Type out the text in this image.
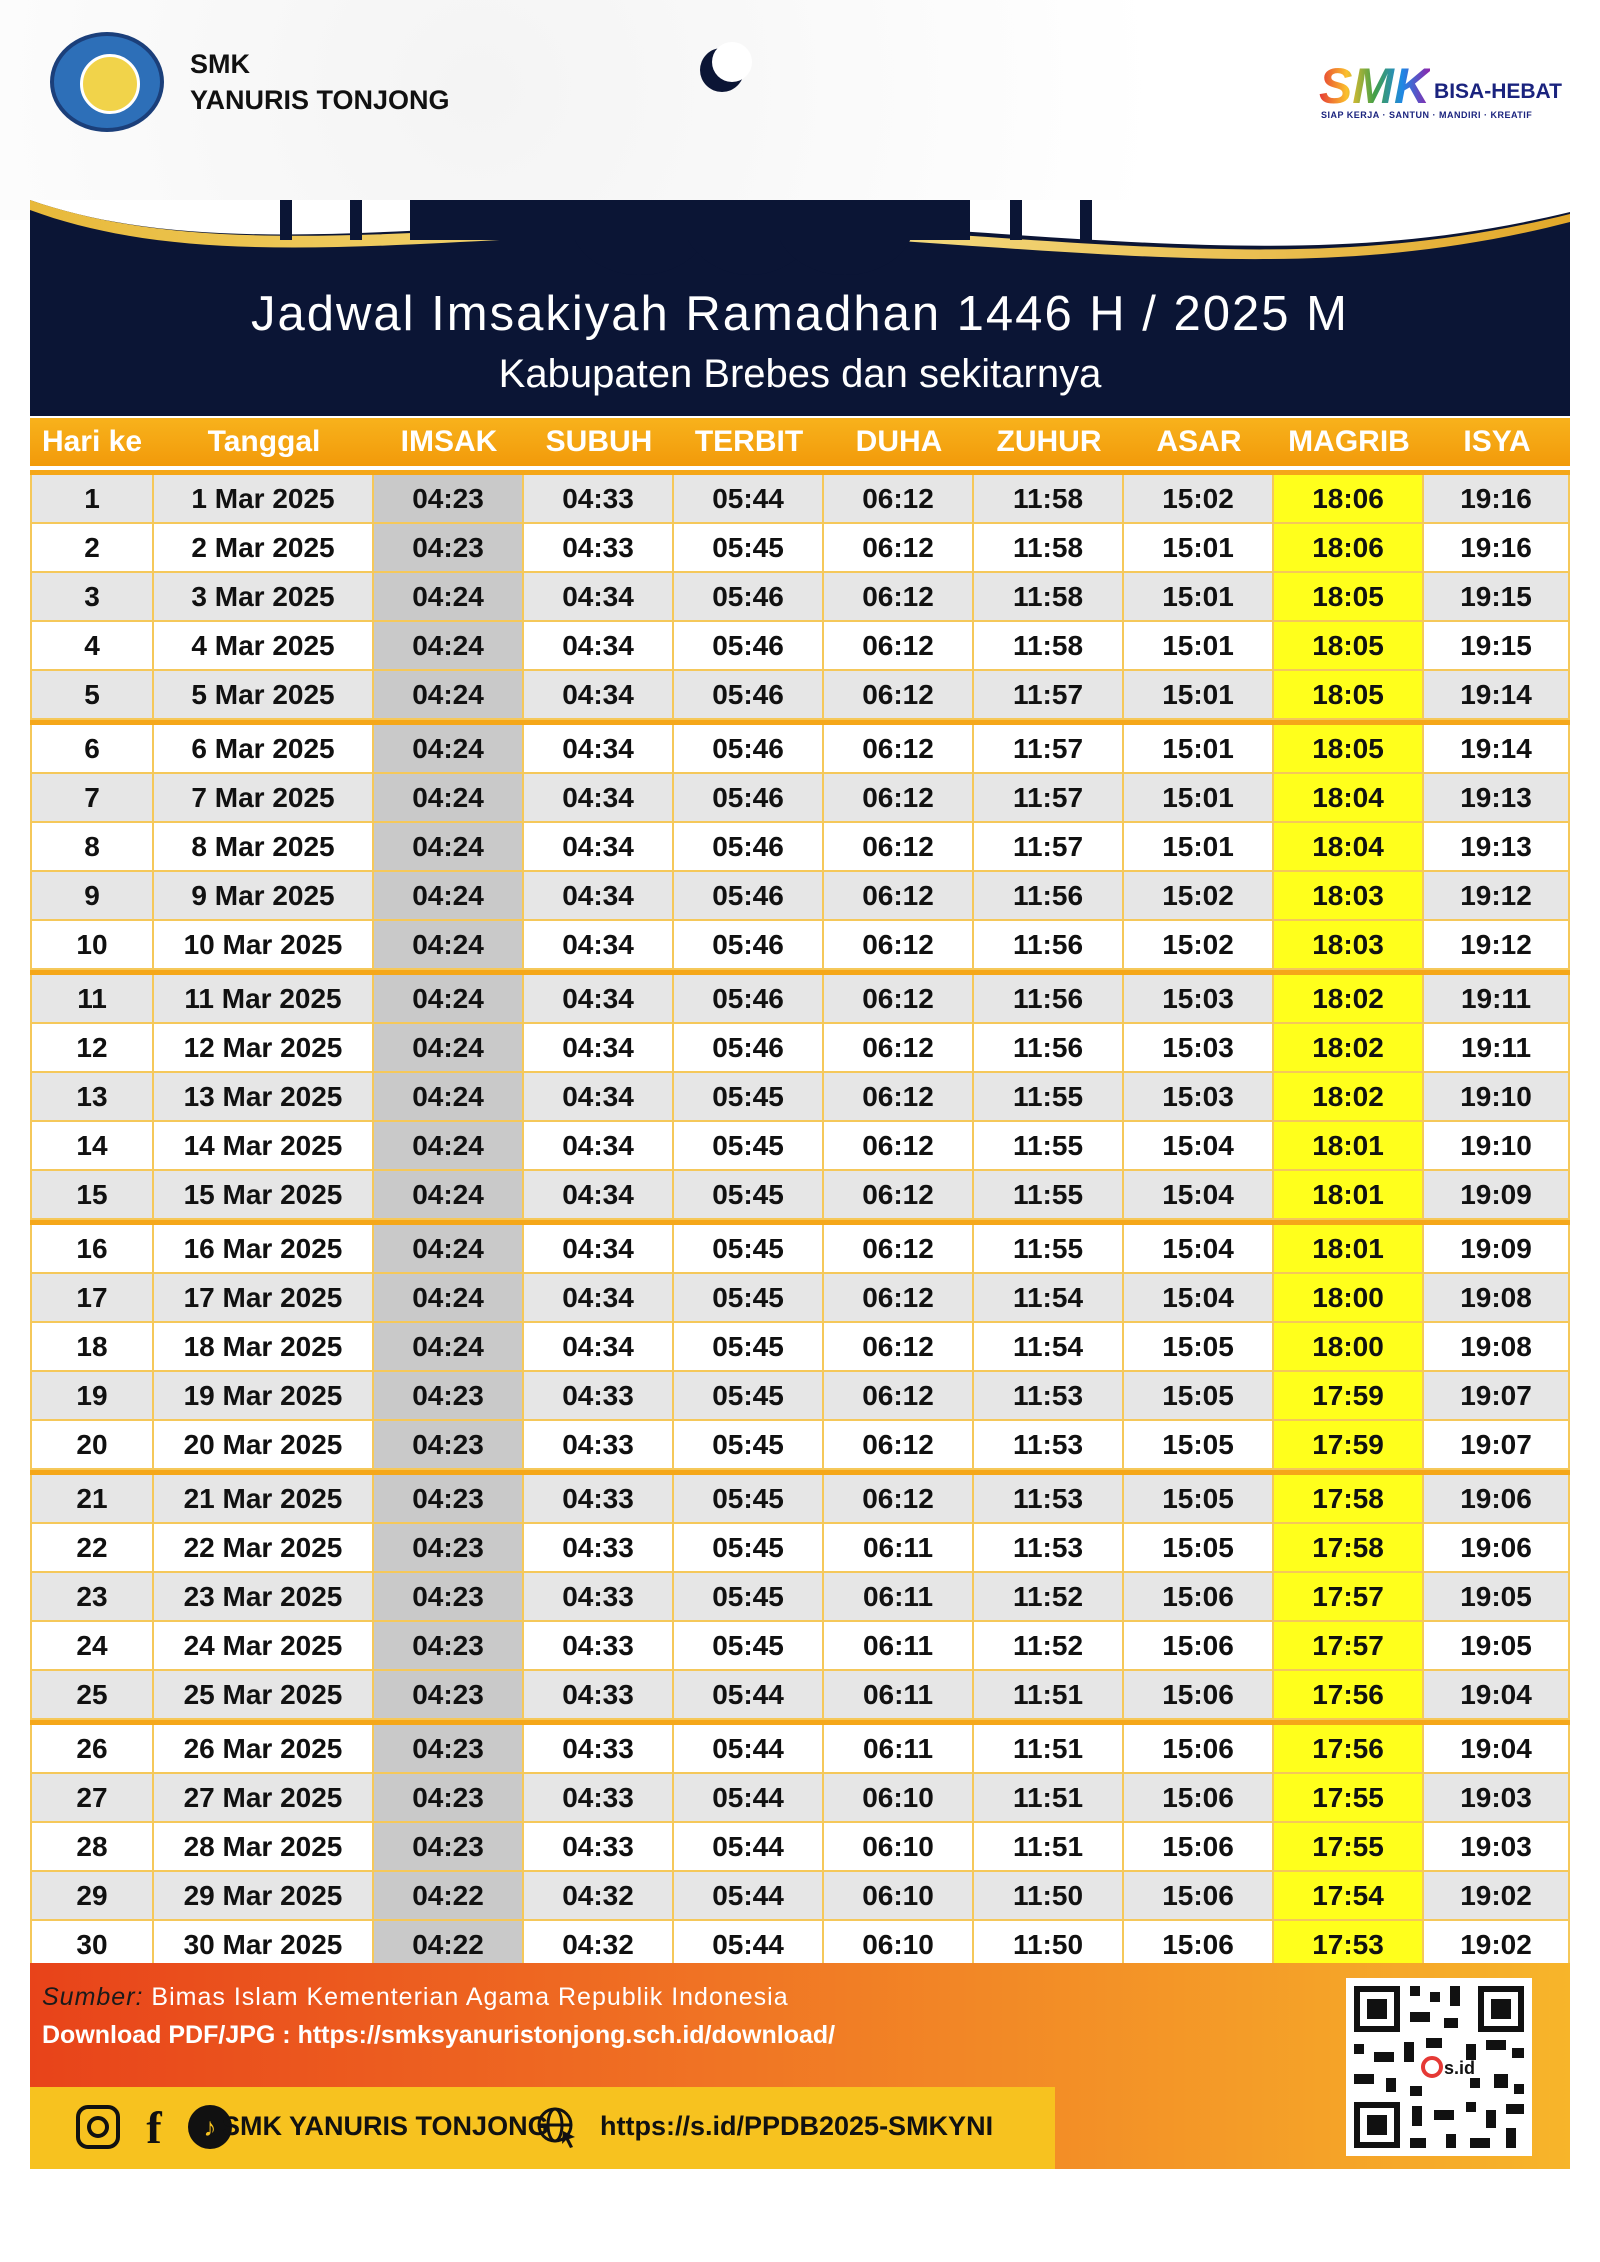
SMK
YANURIS TONJONG	SMK BISA-HEBAT
SIAP KERJA · SANTUN · MANDIRI · KREATIF
Jadwal Imsakiyah Ramadhan 1446 H / 2025 M
Kabupaten Brebes dan sekitarnya
Hari ke	Tanggal	IMSAK	SUBUH	TERBIT	DUHA	ZUHUR	ASAR	MAGRIB	ISYA
1	1 Mar 2025	04:23	04:33	05:44	06:12	11:58	15:02	18:06	19:16
2	2 Mar 2025	04:23	04:33	05:45	06:12	11:58	15:01	18:06	19:16
3	3 Mar 2025	04:24	04:34	05:46	06:12	11:58	15:01	18:05	19:15
4	4 Mar 2025	04:24	04:34	05:46	06:12	11:58	15:01	18:05	19:15
5	5 Mar 2025	04:24	04:34	05:46	06:12	11:57	15:01	18:05	19:14
6	6 Mar 2025	04:24	04:34	05:46	06:12	11:57	15:01	18:05	19:14
7	7 Mar 2025	04:24	04:34	05:46	06:12	11:57	15:01	18:04	19:13
8	8 Mar 2025	04:24	04:34	05:46	06:12	11:57	15:01	18:04	19:13
9	9 Mar 2025	04:24	04:34	05:46	06:12	11:56	15:02	18:03	19:12
10	10 Mar 2025	04:24	04:34	05:46	06:12	11:56	15:02	18:03	19:12
11	11 Mar 2025	04:24	04:34	05:46	06:12	11:56	15:03	18:02	19:11
12	12 Mar 2025	04:24	04:34	05:46	06:12	11:56	15:03	18:02	19:11
13	13 Mar 2025	04:24	04:34	05:45	06:12	11:55	15:03	18:02	19:10
14	14 Mar 2025	04:24	04:34	05:45	06:12	11:55	15:04	18:01	19:10
15	15 Mar 2025	04:24	04:34	05:45	06:12	11:55	15:04	18:01	19:09
16	16 Mar 2025	04:24	04:34	05:45	06:12	11:55	15:04	18:01	19:09
17	17 Mar 2025	04:24	04:34	05:45	06:12	11:54	15:04	18:00	19:08
18	18 Mar 2025	04:24	04:34	05:45	06:12	11:54	15:05	18:00	19:08
19	19 Mar 2025	04:23	04:33	05:45	06:12	11:53	15:05	17:59	19:07
20	20 Mar 2025	04:23	04:33	05:45	06:12	11:53	15:05	17:59	19:07
21	21 Mar 2025	04:23	04:33	05:45	06:12	11:53	15:05	17:58	19:06
22	22 Mar 2025	04:23	04:33	05:45	06:11	11:53	15:05	17:58	19:06
23	23 Mar 2025	04:23	04:33	05:45	06:11	11:52	15:06	17:57	19:05
24	24 Mar 2025	04:23	04:33	05:45	06:11	11:52	15:06	17:57	19:05
25	25 Mar 2025	04:23	04:33	05:44	06:11	11:51	15:06	17:56	19:04
26	26 Mar 2025	04:23	04:33	05:44	06:11	11:51	15:06	17:56	19:04
27	27 Mar 2025	04:23	04:33	05:44	06:10	11:51	15:06	17:55	19:03
28	28 Mar 2025	04:23	04:33	05:44	06:10	11:51	15:06	17:55	19:03
29	29 Mar 2025	04:22	04:32	05:44	06:10	11:50	15:06	17:54	19:02
30	30 Mar 2025	04:22	04:32	05:44	06:10	11:50	15:06	17:53	19:02
Sumber: Bimas Islam Kementerian Agama Republik Indonesia
Download PDF/JPG : https://smksyanuristonjong.sch.id/download/
f	♪ SMK YANURIS TONJONG https://s.id/PPDB2025-SMKYNI
s.id
